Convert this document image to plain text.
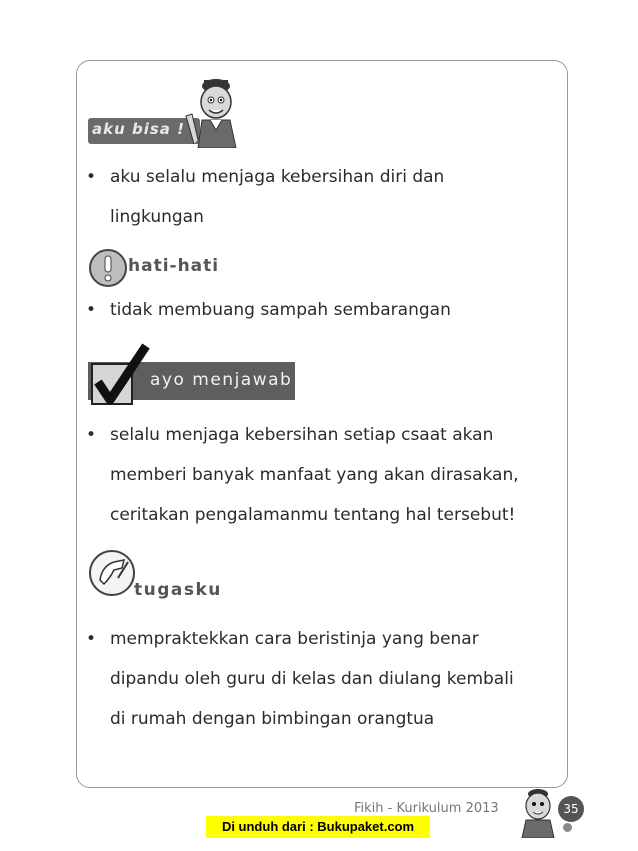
aku bisa !
• aku selalu menjaga kebersihan diri dan
lingkungan
hati-hati
• tidak membuang sampah sembarangan
ayo menjawab
• selalu menjaga kebersihan setiap csaat akan
memberi banyak manfaat yang akan dirasakan,
ceritakan pengalamanmu tentang hal tersebut!
tugasku
• mempraktekkan cara beristinja yang benar
dipandu oleh guru di kelas dan diulang kembali
di rumah dengan bimbingan orangtua
Fikih - Kurikulum 2013	35
Di unduh dari : Bukupaket.com
